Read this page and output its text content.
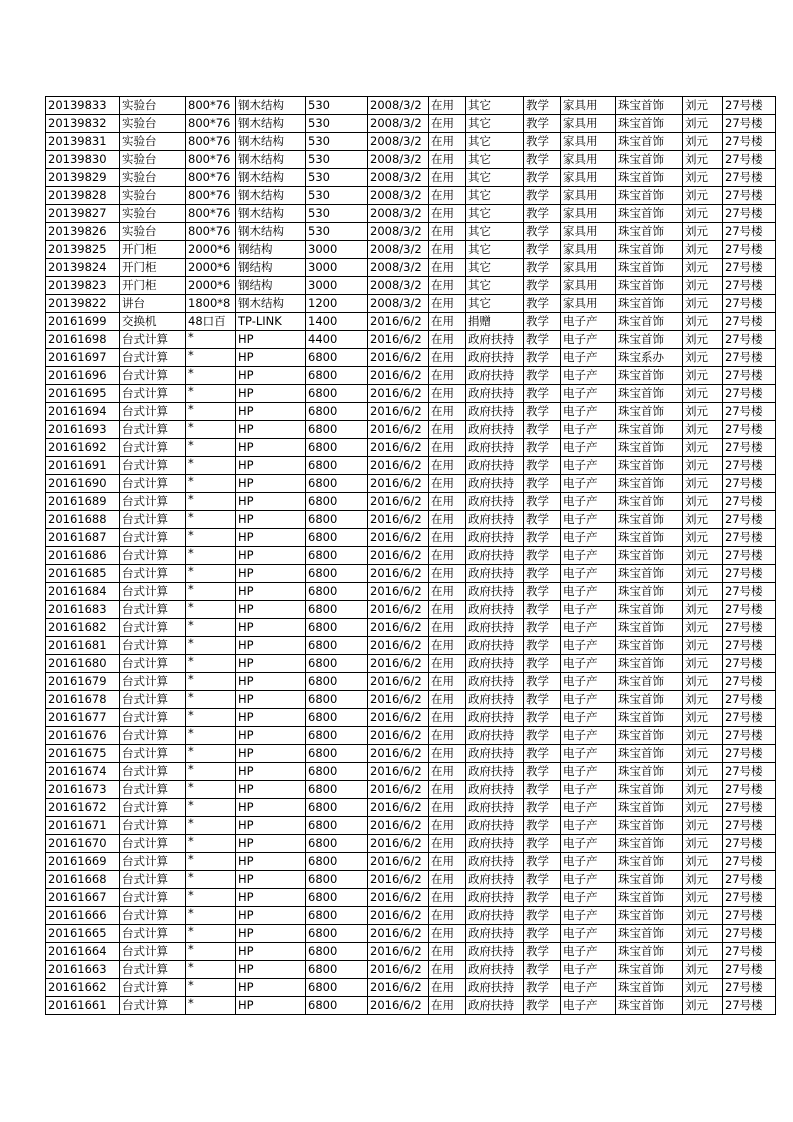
20139833	实验台	800*76	钢木结构	530	2008/3/2	在用	其它	教学	家具用	珠宝首饰	刘元	27号楼
20139832	实验台	800*76	钢木结构	530	2008/3/2	在用	其它	教学	家具用	珠宝首饰	刘元	27号楼
20139831	实验台	800*76	钢木结构	530	2008/3/2	在用	其它	教学	家具用	珠宝首饰	刘元	27号楼
20139830	实验台	800*76	钢木结构	530	2008/3/2	在用	其它	教学	家具用	珠宝首饰	刘元	27号楼
20139829	实验台	800*76	钢木结构	530	2008/3/2	在用	其它	教学	家具用	珠宝首饰	刘元	27号楼
20139828	实验台	800*76	钢木结构	530	2008/3/2	在用	其它	教学	家具用	珠宝首饰	刘元	27号楼
20139827	实验台	800*76	钢木结构	530	2008/3/2	在用	其它	教学	家具用	珠宝首饰	刘元	27号楼
20139826	实验台	800*76	钢木结构	530	2008/3/2	在用	其它	教学	家具用	珠宝首饰	刘元	27号楼
20139825	开门柜	2000*6	钢结构	3000	2008/3/2	在用	其它	教学	家具用	珠宝首饰	刘元	27号楼
20139824	开门柜	2000*6	钢结构	3000	2008/3/2	在用	其它	教学	家具用	珠宝首饰	刘元	27号楼
20139823	开门柜	2000*6	钢结构	3000	2008/3/2	在用	其它	教学	家具用	珠宝首饰	刘元	27号楼
20139822	讲台	1800*8	钢木结构	1200	2008/3/2	在用	其它	教学	家具用	珠宝首饰	刘元	27号楼
20161699	交换机	48口百	TP-LINK	1400	2016/6/2	在用	捐赠	教学	电子产	珠宝首饰	刘元	27号楼
20161698	台式计算	*	HP	4400	2016/6/2	在用	政府扶持	教学	电子产	珠宝首饰	刘元	27号楼
20161697	台式计算	*	HP	6800	2016/6/2	在用	政府扶持	教学	电子产	珠宝系办	刘元	27号楼
20161696	台式计算	*	HP	6800	2016/6/2	在用	政府扶持	教学	电子产	珠宝首饰	刘元	27号楼
20161695	台式计算	*	HP	6800	2016/6/2	在用	政府扶持	教学	电子产	珠宝首饰	刘元	27号楼
20161694	台式计算	*	HP	6800	2016/6/2	在用	政府扶持	教学	电子产	珠宝首饰	刘元	27号楼
20161693	台式计算	*	HP	6800	2016/6/2	在用	政府扶持	教学	电子产	珠宝首饰	刘元	27号楼
20161692	台式计算	*	HP	6800	2016/6/2	在用	政府扶持	教学	电子产	珠宝首饰	刘元	27号楼
20161691	台式计算	*	HP	6800	2016/6/2	在用	政府扶持	教学	电子产	珠宝首饰	刘元	27号楼
20161690	台式计算	*	HP	6800	2016/6/2	在用	政府扶持	教学	电子产	珠宝首饰	刘元	27号楼
20161689	台式计算	*	HP	6800	2016/6/2	在用	政府扶持	教学	电子产	珠宝首饰	刘元	27号楼
20161688	台式计算	*	HP	6800	2016/6/2	在用	政府扶持	教学	电子产	珠宝首饰	刘元	27号楼
20161687	台式计算	*	HP	6800	2016/6/2	在用	政府扶持	教学	电子产	珠宝首饰	刘元	27号楼
20161686	台式计算	*	HP	6800	2016/6/2	在用	政府扶持	教学	电子产	珠宝首饰	刘元	27号楼
20161685	台式计算	*	HP	6800	2016/6/2	在用	政府扶持	教学	电子产	珠宝首饰	刘元	27号楼
20161684	台式计算	*	HP	6800	2016/6/2	在用	政府扶持	教学	电子产	珠宝首饰	刘元	27号楼
20161683	台式计算	*	HP	6800	2016/6/2	在用	政府扶持	教学	电子产	珠宝首饰	刘元	27号楼
20161682	台式计算	*	HP	6800	2016/6/2	在用	政府扶持	教学	电子产	珠宝首饰	刘元	27号楼
20161681	台式计算	*	HP	6800	2016/6/2	在用	政府扶持	教学	电子产	珠宝首饰	刘元	27号楼
20161680	台式计算	*	HP	6800	2016/6/2	在用	政府扶持	教学	电子产	珠宝首饰	刘元	27号楼
20161679	台式计算	*	HP	6800	2016/6/2	在用	政府扶持	教学	电子产	珠宝首饰	刘元	27号楼
20161678	台式计算	*	HP	6800	2016/6/2	在用	政府扶持	教学	电子产	珠宝首饰	刘元	27号楼
20161677	台式计算	*	HP	6800	2016/6/2	在用	政府扶持	教学	电子产	珠宝首饰	刘元	27号楼
20161676	台式计算	*	HP	6800	2016/6/2	在用	政府扶持	教学	电子产	珠宝首饰	刘元	27号楼
20161675	台式计算	*	HP	6800	2016/6/2	在用	政府扶持	教学	电子产	珠宝首饰	刘元	27号楼
20161674	台式计算	*	HP	6800	2016/6/2	在用	政府扶持	教学	电子产	珠宝首饰	刘元	27号楼
20161673	台式计算	*	HP	6800	2016/6/2	在用	政府扶持	教学	电子产	珠宝首饰	刘元	27号楼
20161672	台式计算	*	HP	6800	2016/6/2	在用	政府扶持	教学	电子产	珠宝首饰	刘元	27号楼
20161671	台式计算	*	HP	6800	2016/6/2	在用	政府扶持	教学	电子产	珠宝首饰	刘元	27号楼
20161670	台式计算	*	HP	6800	2016/6/2	在用	政府扶持	教学	电子产	珠宝首饰	刘元	27号楼
20161669	台式计算	*	HP	6800	2016/6/2	在用	政府扶持	教学	电子产	珠宝首饰	刘元	27号楼
20161668	台式计算	*	HP	6800	2016/6/2	在用	政府扶持	教学	电子产	珠宝首饰	刘元	27号楼
20161667	台式计算	*	HP	6800	2016/6/2	在用	政府扶持	教学	电子产	珠宝首饰	刘元	27号楼
20161666	台式计算	*	HP	6800	2016/6/2	在用	政府扶持	教学	电子产	珠宝首饰	刘元	27号楼
20161665	台式计算	*	HP	6800	2016/6/2	在用	政府扶持	教学	电子产	珠宝首饰	刘元	27号楼
20161664	台式计算	*	HP	6800	2016/6/2	在用	政府扶持	教学	电子产	珠宝首饰	刘元	27号楼
20161663	台式计算	*	HP	6800	2016/6/2	在用	政府扶持	教学	电子产	珠宝首饰	刘元	27号楼
20161662	台式计算	*	HP	6800	2016/6/2	在用	政府扶持	教学	电子产	珠宝首饰	刘元	27号楼
20161661	台式计算	*	HP	6800	2016/6/2	在用	政府扶持	教学	电子产	珠宝首饰	刘元	27号楼
